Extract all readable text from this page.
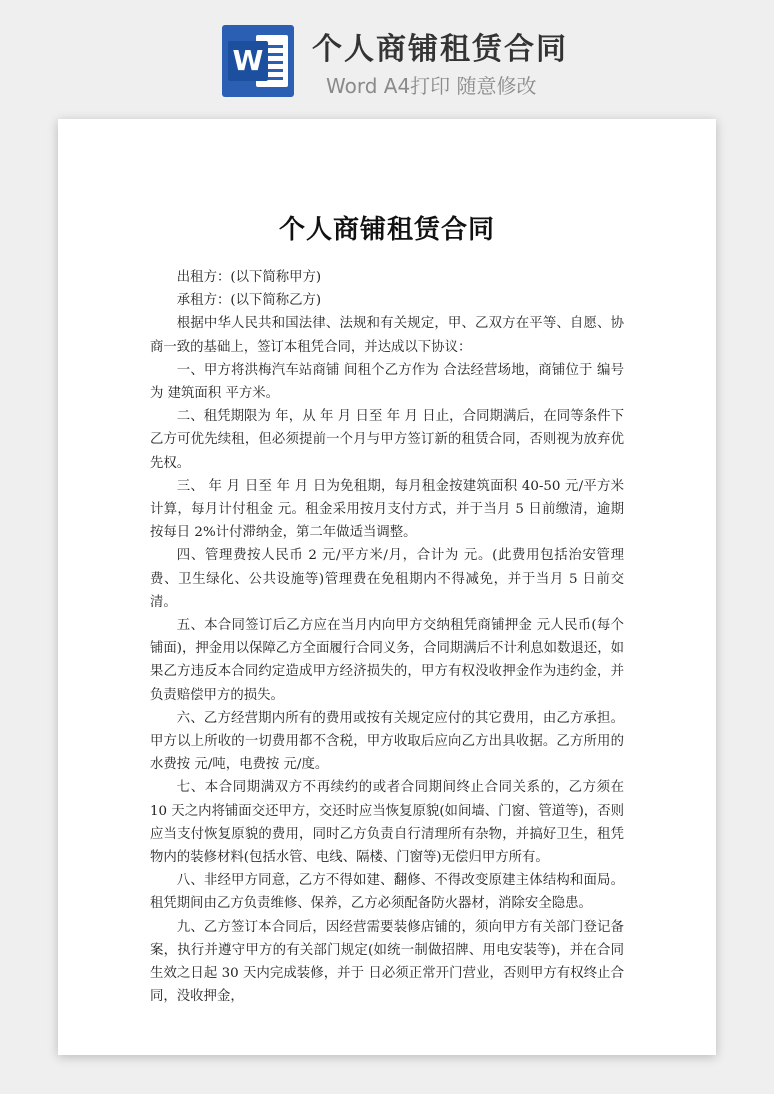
W 个人商铺租赁合同
Word A4打印 随意修改
个人商铺租赁合同

出租方：(以下简称甲方)

承租方：(以下简称乙方)

根据中华人民共和国法律、法规和有关规定，甲、乙双方在平等、自愿、协商一致的基础上，签订本租凭合同，并达成以下协议：

一、甲方将洪梅汽车站商铺 间租个乙方作为 合法经营场地，商铺位于 编号为 建筑面积 平方米。

二、租凭期限为 年，从 年 月 日至 年 月 日止，合同期满后，在同等条件下乙方可优先续租，但必须提前一个月与甲方签订新的租赁合同，否则视为放弃优先权。

三、 年 月 日至 年 月 日为免租期，每月租金按建筑面积 40-50 元/平方米计算，每月计付租金 元。租金采用按月支付方式，并于当月 5 日前缴清，逾期按每日 2%计付滞纳金，第二年做适当调整。

四、管理费按人民币 2 元/平方米/月，合计为 元。(此费用包括治安管理费、卫生绿化、公共设施等)管理费在免租期内不得减免，并于当月 5 日前交清。

五、本合同签订后乙方应在当月内向甲方交纳租凭商铺押金 元人民币(每个铺面)，押金用以保障乙方全面履行合同义务，合同期满后不计利息如数退还，如果乙方违反本合同约定造成甲方经济损失的，甲方有权没收押金作为违约金，并负责赔偿甲方的损失。

六、乙方经营期内所有的费用或按有关规定应付的其它费用，由乙方承担。甲方以上所收的一切费用都不含税，甲方收取后应向乙方出具收据。乙方所用的水费按 元/吨，电费按 元/度。

七、本合同期满双方不再续约的或者合同期间终止合同关系的，乙方须在 10 天之内将铺面交还甲方，交还时应当恢复原貌(如间墙、门窗、管道等)，否则应当支付恢复原貌的费用，同时乙方负责自行清理所有杂物，并搞好卫生，租凭物内的装修材料(包括水管、电线、隔楼、门窗等)无偿归甲方所有。

八、非经甲方同意，乙方不得如建、翻修、不得改变原建主体结构和面局。租凭期间由乙方负责维修、保养，乙方必须配备防火器材，消除安全隐患。

九、乙方签订本合同后，因经营需要装修店铺的，须向甲方有关部门登记备案，执行并遵守甲方的有关部门规定(如统一制做招牌、用电安装等)，并在合同生效之日起 30 天内完成装修，并于 日必须正常开门营业，否则甲方有权终止合同，没收押金，
